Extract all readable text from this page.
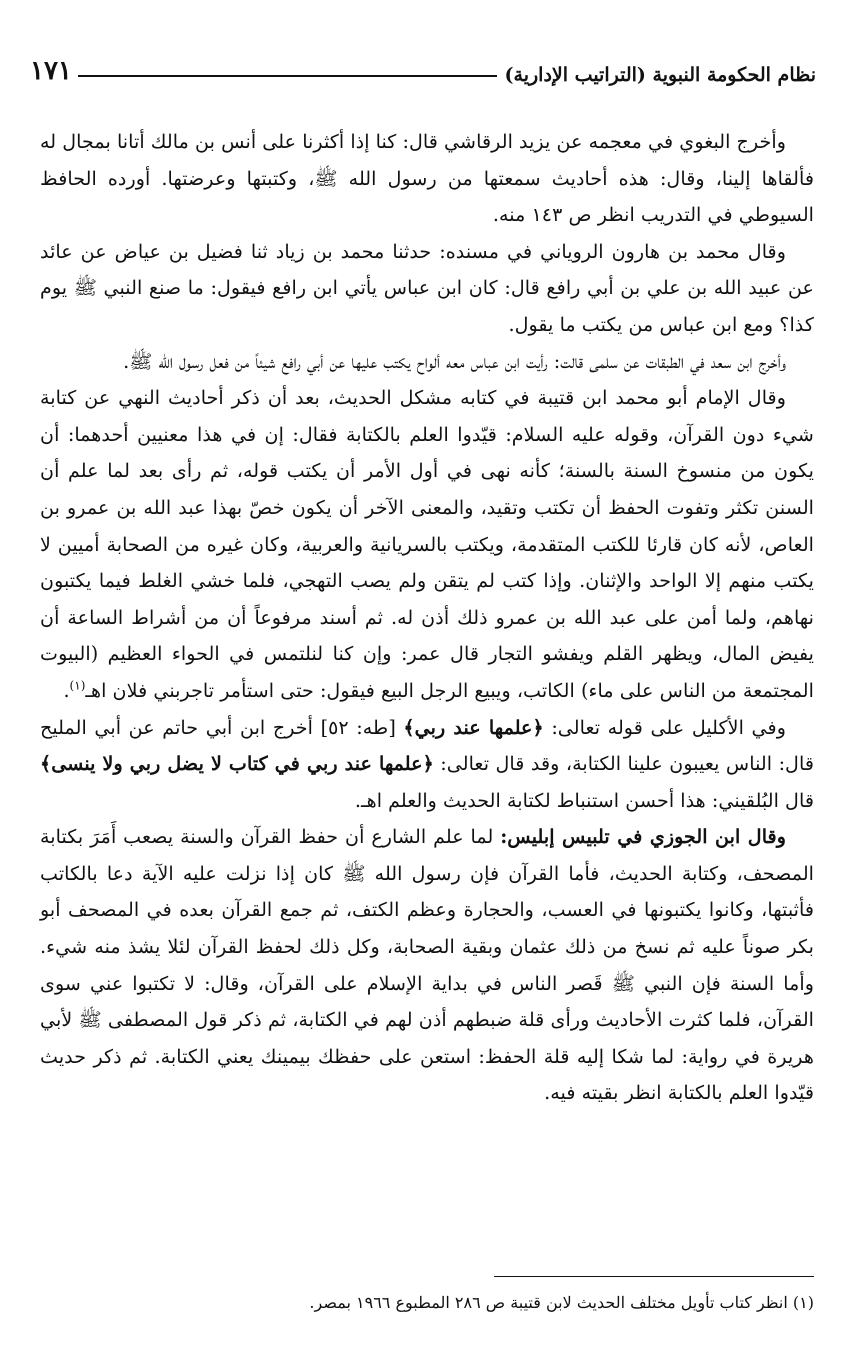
نظام الحكومة النبوية (التراتيب الإدارية)
١٧١

وأخرج البغوي في معجمه عن يزيد الرقاشي قال: كنا إذا أكثرنا على أنس بن مالك أتانا بمجال له فألقاها إلينا، وقال: هذه أحاديث سمعتها من رسول الله ﷺ، وكتبتها وعرضتها. أورده الحافظ السيوطي في التدريب انظر ص ١٤٣ منه.

وقال محمد بن هارون الروياني في مسنده: حدثنا محمد بن زياد ثنا فضيل بن عياض عن عائد عن عبيد الله بن علي بن أبي رافع قال: كان ابن عباس يأتي ابن رافع فيقول: ما صنع النبي ﷺ يوم كذا؟ ومع ابن عباس من يكتب ما يقول.

وأخرج ابن سعد في الطبقات عن سلمى قالت: رأيت ابن عباس معه ألواح يكتب عليها عن أبي رافع شيئاً من فعل رسول الله ﷺ.

وقال الإمام أبو محمد ابن قتيبة في كتابه مشكل الحديث، بعد أن ذكر أحاديث النهي عن كتابة شيء دون القرآن، وقوله عليه السلام: قيّدوا العلم بالكتابة فقال: إن في هذا معنيين أحدهما: أن يكون من منسوخ السنة بالسنة؛ كأنه نهى في أول الأمر أن يكتب قوله، ثم رأى بعد لما علم أن السنن تكثر وتفوت الحفظ أن تكتب وتقيد، والمعنى الآخر أن يكون خصّ بهذا عبد الله بن عمرو بن العاص، لأنه كان قارئا للكتب المتقدمة، ويكتب بالسريانية والعربية، وكان غيره من الصحابة أميين لا يكتب منهم إلا الواحد والإثنان. وإذا كتب لم يتقن ولم يصب التهجي، فلما خشي الغلط فيما يكتبون نهاهم، ولما أمن على عبد الله بن عمرو ذلك أذن له. ثم أسند مرفوعاً أن من أشراط الساعة أن يفيض المال، ويظهر القلم ويفشو التجار قال عمر: وإن كنا لنلتمس في الحواء العظيم (البيوت المجتمعة من الناس على ماء) الكاتب، ويبيع الرجل البيع فيقول: حتى استأمر تاجربني فلان اهـ$^{(١)}$.

وفي الأكليل على قوله تعالى: ﴿علمها عند ربي﴾ [طه: ٥٢] أخرج ابن أبي حاتم عن أبي المليح قال: الناس يعيبون علينا الكتابة، وقد قال تعالى: ﴿علمها عند ربي في كتاب لا يضل ربي ولا ينسى﴾ قال البُلقيني: هذا أحسن استنباط لكتابة الحديث والعلم اهـ.

وقال ابن الجوزي في تلبيس إبليس: لما علم الشارع أن حفظ القرآن والسنة يصعب أَمَرَ بكتابة المصحف، وكتابة الحديث، فأما القرآن فإن رسول الله ﷺ كان إذا نزلت عليه الآية دعا بالكاتب فأثبتها، وكانوا يكتبونها في العسب، والحجارة وعظم الكتف، ثم جمع القرآن بعده في المصحف أبو بكر صوناً عليه ثم نسخ من ذلك عثمان وبقية الصحابة، وكل ذلك لحفظ القرآن لئلا يشذ منه شيء. وأما السنة فإن النبي ﷺ قَصر الناس في بداية الإسلام على القرآن، وقال: لا تكتبوا عني سوى القرآن، فلما كثرت الأحاديث ورأى قلة ضبطهم أذن لهم في الكتابة، ثم ذكر قول المصطفى ﷺ لأبي هريرة في رواية: لما شكا إليه قلة الحفظ: استعن على حفظك بيمينك يعني الكتابة. ثم ذكر حديث قيّدوا العلم بالكتابة انظر بقيته فيه.

(١) انظر كتاب تأويل مختلف الحديث لابن قتيبة ص ٢٨٦ المطبوع ١٩٦٦ بمصر.
